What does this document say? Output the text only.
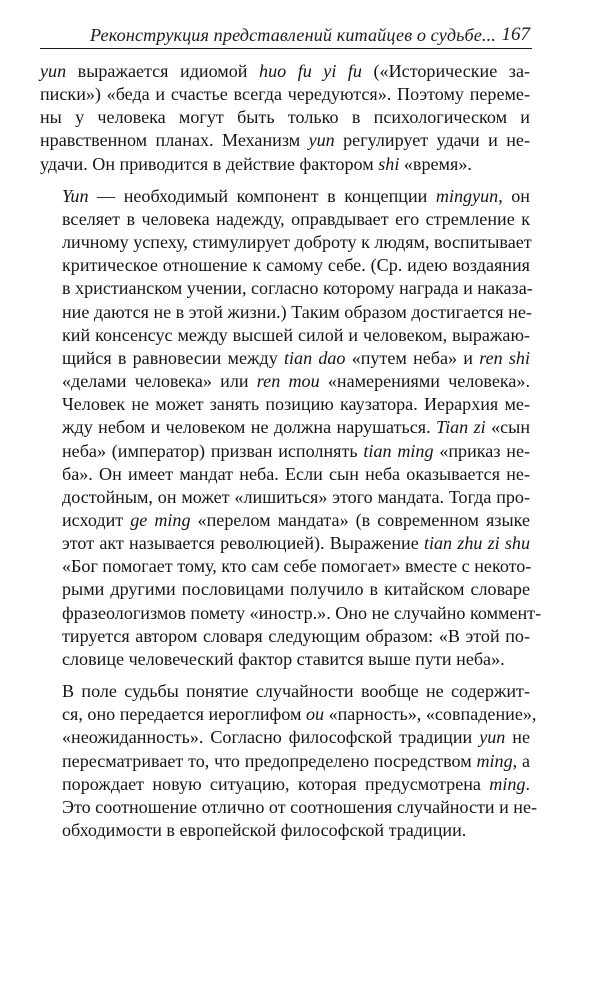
Реконструкция представлений китайцев о судьбе... 167

yun выражается идиомой huo fu yi fu («Исторические за-
писки») «беда и счастье всегда чередуются». Поэтому переме-
ны у человека могут быть только в психологическом и
нравственном планах. Механизм yun регулирует удачи и не-
удачи. Он приводится в действие фактором shi «время».

Yun — необходимый компонент в концепции mingyun, он
вселяет в человека надежду, оправдывает его стремление к
личному успеху, стимулирует доброту к людям, воспитывает
критическое отношение к самому себе. (Ср. идею воздаяния
в христианском учении, согласно которому награда и наказа-
ние даются не в этой жизни.) Таким образом достигается не-
кий консенсус между высшей силой и человеком, выражаю-
щийся в равновесии между tian dao «путем неба» и ren shi
«делами человека» или ren mou «намерениями человека».
Человек не может занять позицию каузатора. Иерархия ме-
жду небом и человеком не должна нарушаться. Tian zi «сын
неба» (император) призван исполнять tian ming «приказ не-
ба». Он имеет мандат неба. Если сын неба оказывается не-
достойным, он может «лишиться» этого мандата. Тогда про-
исходит ge ming «перелом мандата» (в современном языке
этот акт называется революцией). Выражение tian zhu zi shu
«Бог помогает тому, кто сам себе помогает» вместе с некото-
рыми другими пословицами получило в китайском словаре
фразеологизмов помету «иностр.». Оно не случайно коммент-
тируется автором словаря следующим образом: «В этой по-
словице человеческий фактор ставится выше пути неба».

В поле судьбы понятие случайности вообще не содержит-
ся, оно передается иероглифом ou «парность», «совпадение»,
«неожиданность». Согласно философской традиции yun не
пересматривает то, что предопределено посредством ming, а
порождает новую ситуацию, которая предусмотрена ming.
Это соотношение отлично от соотношения случайности и не-
обходимости в европейской философской традиции.
